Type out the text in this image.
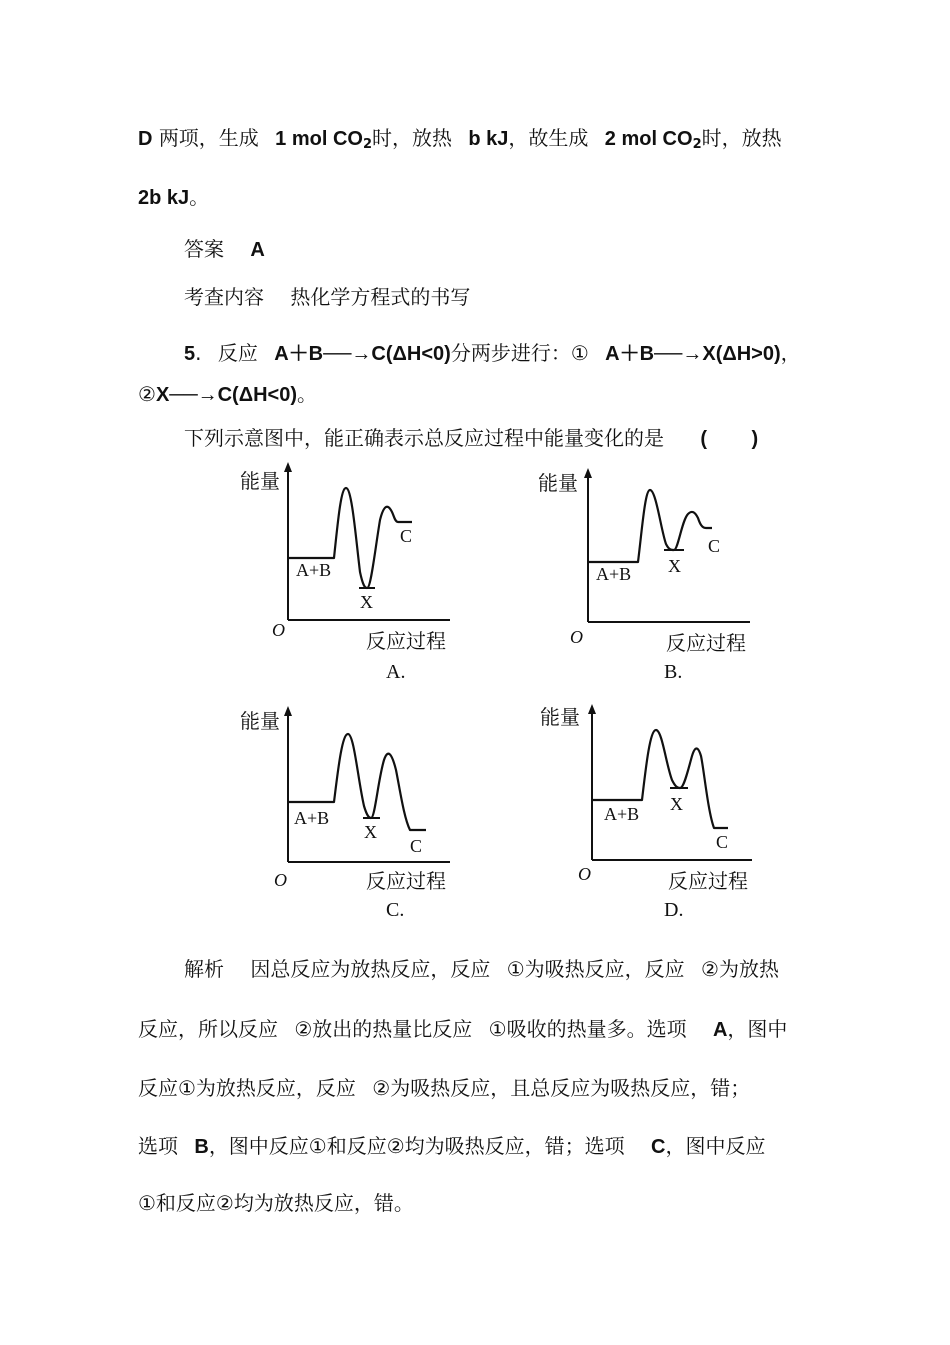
D 两项，生成 1 mol CO2时，放热 b kJ，故生成 2 mol CO2时，放热
2b kJ。
答案 A
考查内容 热化学方程式的书写
5. 反应 A＋B──→C(ΔH<0)分两步进行：① A＋B──→X(ΔH>0)，
②X──→C(ΔH<0)。
下列示意图中，能正确表示总反应过程中能量变化的是 (        )
能量
O	反应过程
A+B
X
C
A.
能量
O	反应过程
A+B X
C
B.
能量
O	反应过程
A+B
X
C
C.
能量
O	反应过程
A+B X
C
D.
解析 因总反应为放热反应，反应 ①为吸热反应，反应 ②为放热
反应，所以反应 ②放出的热量比反应 ①吸收的热量多。选项 A，图中
反应①为放热反应，反应 ②为吸热反应，且总反应为吸热反应，错；
选项 B，图中反应①和反应②均为吸热反应，错；选项 C，图中反应
①和反应②均为放热反应，错。
